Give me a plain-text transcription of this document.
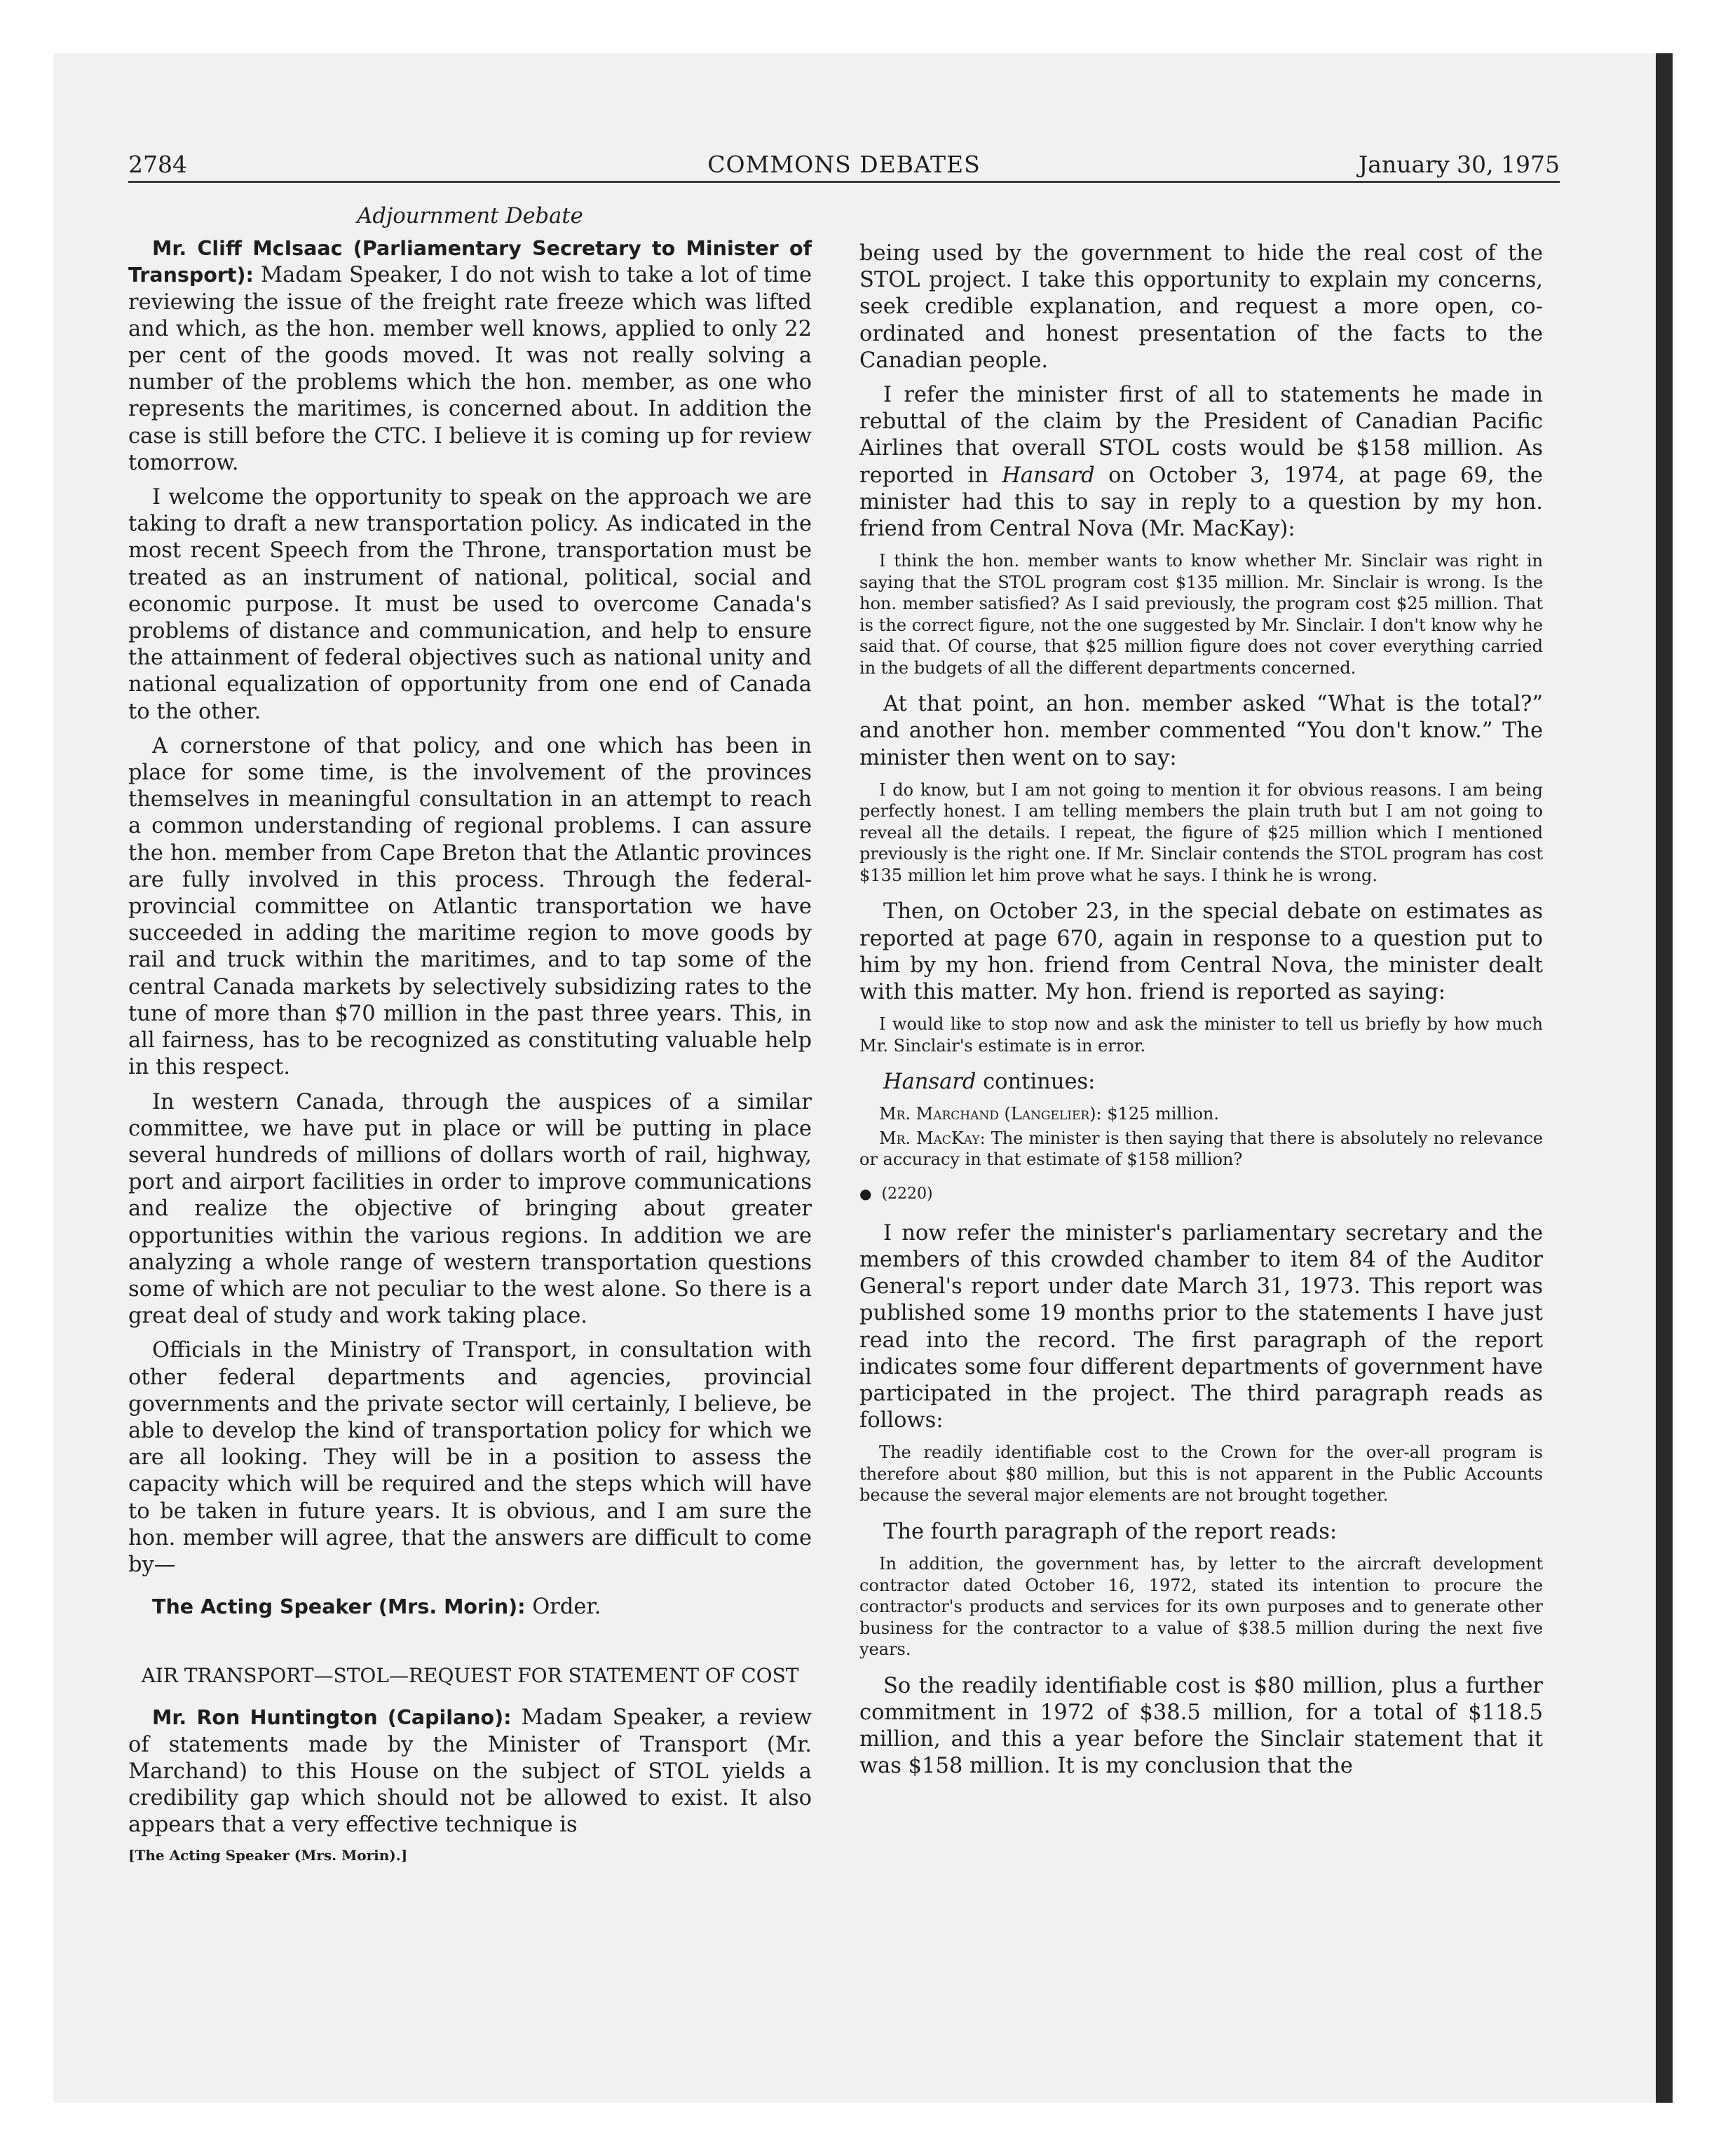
2784	COMMONS DEBATES	January 30, 1975
Adjournment Debate

Mr. Cliff McIsaac (Parliamentary Secretary to Minister of Transport): Madam Speaker, I do not wish to take a lot of time reviewing the issue of the freight rate freeze which was lifted and which, as the hon. member well knows, applied to only 22 per cent of the goods moved. It was not really solving a number of the problems which the hon. member, as one who represents the maritimes, is concerned about. In addition the case is still before the CTC. I believe it is coming up for review tomorrow.

I welcome the opportunity to speak on the approach we are taking to draft a new transportation policy. As indicated in the most recent Speech from the Throne, transportation must be treated as an instrument of national, political, social and economic purpose. It must be used to overcome Canada's problems of distance and communication, and help to ensure the attainment of federal objectives such as national unity and national equalization of opportunity from one end of Canada to the other.

A cornerstone of that policy, and one which has been in place for some time, is the involvement of the provinces themselves in meaningful consultation in an attempt to reach a common understanding of regional problems. I can assure the hon. member from Cape Breton that the Atlantic provinces are fully involved in this process. Through the federal-provincial committee on Atlantic transportation we have succeeded in adding the maritime region to move goods by rail and truck within the maritimes, and to tap some of the central Canada markets by selectively subsidizing rates to the tune of more than $70 million in the past three years. This, in all fairness, has to be recognized as constituting valuable help in this respect.

In western Canada, through the auspices of a similar committee, we have put in place or will be putting in place several hundreds of millions of dollars worth of rail, highway, port and airport facilities in order to improve communications and realize the objective of bringing about greater opportunities within the various regions. In addition we are analyzing a whole range of western transportation questions some of which are not peculiar to the west alone. So there is a great deal of study and work taking place.

Officials in the Ministry of Transport, in consultation with other federal departments and agencies, provincial governments and the private sector will certainly, I believe, be able to develop the kind of transportation policy for which we are all looking. They will be in a position to assess the capacity which will be required and the steps which will have to be taken in future years. It is obvious, and I am sure the hon. member will agree, that the answers are difficult to come by—

The Acting Speaker (Mrs. Morin): Order.

AIR TRANSPORT—STOL—REQUEST FOR STATEMENT OF COST

Mr. Ron Huntington (Capilano): Madam Speaker, a review of statements made by the Minister of Transport (Mr. Marchand) to this House on the subject of STOL yields a credibility gap which should not be allowed to exist. It also appears that a very effective technique is

[The Acting Speaker (Mrs. Morin).]

being used by the government to hide the real cost of the STOL project. I take this opportunity to explain my concerns, seek credible explanation, and request a more open, co-ordinated and honest presentation of the facts to the Canadian people.

I refer the minister first of all to statements he made in rebuttal of the claim by the President of Canadian Pacific Airlines that overall STOL costs would be $158 million. As reported in Hansard on October 3, 1974, at page 69, the minister had this to say in reply to a question by my hon. friend from Central Nova (Mr. MacKay):

I think the hon. member wants to know whether Mr. Sinclair was right in saying that the STOL program cost $135 million. Mr. Sinclair is wrong. Is the hon. member satisfied? As I said previously, the program cost $25 million. That is the correct figure, not the one suggested by Mr. Sinclair. I don't know why he said that. Of course, that $25 million figure does not cover everything carried in the budgets of all the different departments concerned.

At that point, an hon. member asked “What is the total?” and another hon. member commented “You don't know.” The minister then went on to say:

I do know, but I am not going to mention it for obvious reasons. I am being perfectly honest. I am telling members the plain truth but I am not going to reveal all the details. I repeat, the figure of $25 million which I mentioned previously is the right one. If Mr. Sinclair contends the STOL program has cost $135 million let him prove what he says. I think he is wrong.

Then, on October 23, in the special debate on estimates as reported at page 670, again in response to a question put to him by my hon. friend from Central Nova, the minister dealt with this matter. My hon. friend is reported as saying:

I would like to stop now and ask the minister to tell us briefly by how much Mr. Sinclair's estimate is in error.

Hansard continues:

Mr. Marchand (Langelier): $125 million.

Mr. MacKay: The minister is then saying that there is absolutely no relevance or accuracy in that estimate of $158 million?

● (2220)

I now refer the minister's parliamentary secretary and the members of this crowded chamber to item 84 of the Auditor General's report under date March 31, 1973. This report was published some 19 months prior to the statements I have just read into the record. The first paragraph of the report indicates some four different departments of government have participated in the project. The third paragraph reads as follows:

The readily identifiable cost to the Crown for the over-all program is therefore about $80 million, but this is not apparent in the Public Accounts because the several major elements are not brought together.

The fourth paragraph of the report reads:

In addition, the government has, by letter to the aircraft development contractor dated October 16, 1972, stated its intention to procure the contractor's products and services for its own purposes and to generate other business for the contractor to a value of $38.5 million during the next five years.

So the readily identifiable cost is $80 million, plus a further commitment in 1972 of $38.5 million, for a total of $118.5 million, and this a year before the Sinclair statement that it was $158 million. It is my conclusion that the
